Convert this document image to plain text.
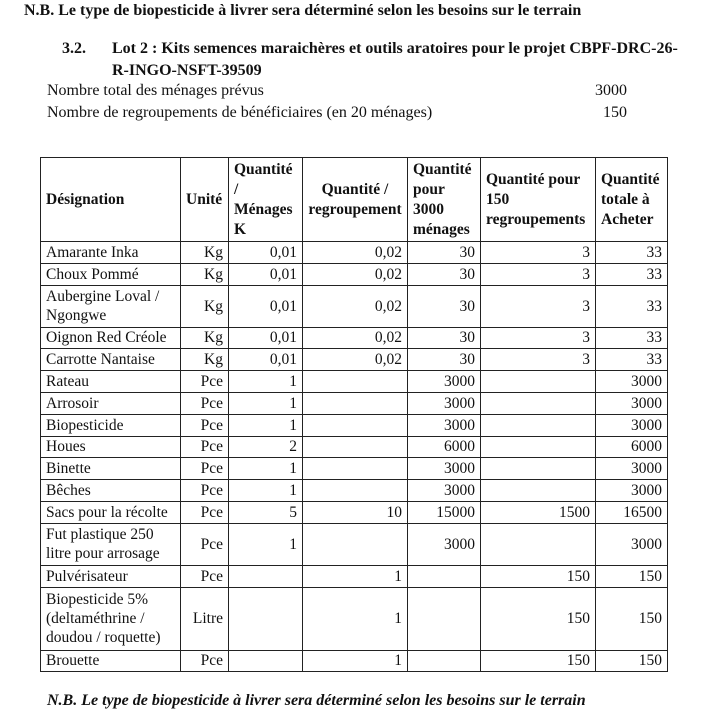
N.B. Le type de biopesticide à livrer sera déterminé selon les besoins sur le terrain
3.2. Lot 2 : Kits semences maraichères et outils aratoires pour le projet CBPF-DRC-26-R-INGO-NSFT-39509
Nombre total des ménages prévus	3000
Nombre de regroupements de bénéficiaires (en 20 ménages)	150
Désignation	Unité	Quantité / Ménages K	Quantité / regroupement	Quantité pour 3000 ménages	Quantité pour 150 regroupements	Quantité totale à Acheter
Amarante Inka	Kg	0,01	0,02	30	3	33
Choux Pommé	Kg	0,01	0,02	30	3	33
Aubergine Loval / Ngongwe	Kg	0,01	0,02	30	3	33
Oignon Red Créole	Kg	0,01	0,02	30	3	33
Carrotte Nantaise	Kg	0,01	0,02	30	3	33
Rateau	Pce	1		3000		3000
Arrosoir	Pce	1		3000		3000
Biopesticide	Pce	1		3000		3000
Houes	Pce	2		6000		6000
Binette	Pce	1		3000		3000
Bêches	Pce	1		3000		3000
Sacs pour la récolte	Pce	5	10	15000	1500	16500
Fut plastique 250 litre pour arrosage	Pce	1		3000		3000
Pulvérisateur	Pce		1		150	150
Biopesticide 5% (deltaméthrine / doudou / roquette)	Litre		1		150	150
Brouette	Pce		1		150	150
N.B. Le type de biopesticide à livrer sera déterminé selon les besoins sur le terrain
